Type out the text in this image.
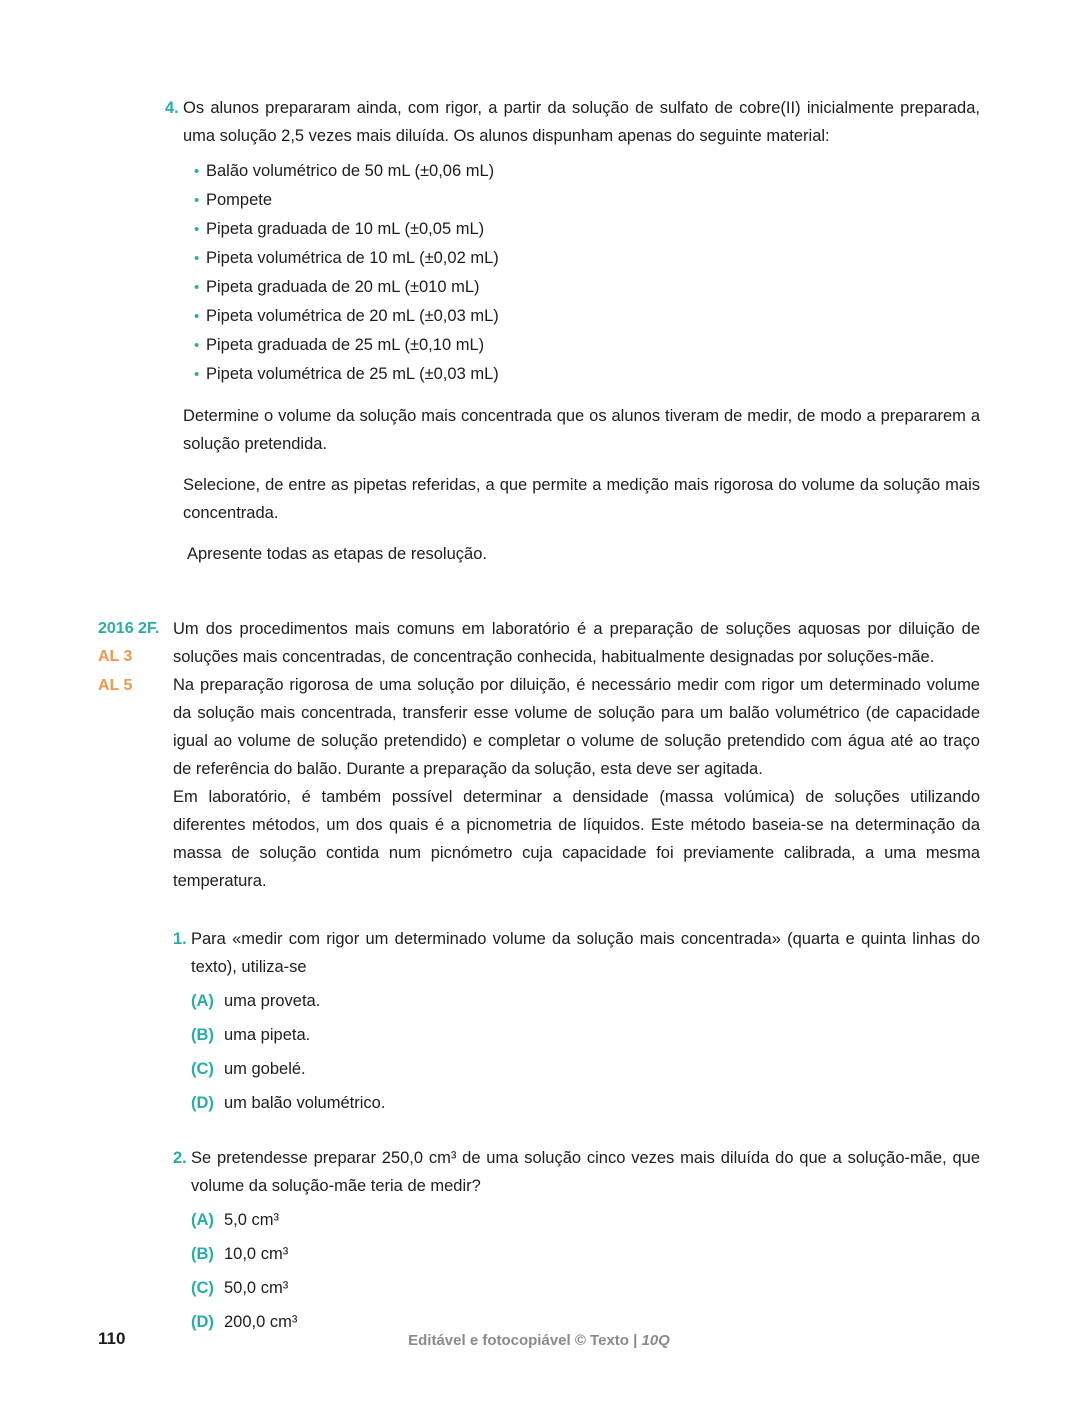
4. Os alunos prepararam ainda, com rigor, a partir da solução de sulfato de cobre(II) inicialmente preparada, uma solução 2,5 vezes mais diluída. Os alunos dispunham apenas do seguinte material:

• Balão volumétrico de 50 mL (±0,06 mL)
• Pompete
• Pipeta graduada de 10 mL (±0,05 mL)
• Pipeta volumétrica de 10 mL (±0,02 mL)
• Pipeta graduada de 20 mL (±010 mL)
• Pipeta volumétrica de 20 mL (±0,03 mL)
• Pipeta graduada de 25 mL (±0,10 mL)
• Pipeta volumétrica de 25 mL (±0,03 mL)

Determine o volume da solução mais concentrada que os alunos tiveram de medir, de modo a prepararem a solução pretendida.

Selecione, de entre as pipetas referidas, a que permite a medição mais rigorosa do volume da solução mais concentrada.

Apresente todas as etapas de resolução.

2016 2F.
AL 3
AL 5

Um dos procedimentos mais comuns em laboratório é a preparação de soluções aquosas por diluição de soluções mais concentradas, de concentração conhecida, habitualmente designadas por soluções-mãe.

Na preparação rigorosa de uma solução por diluição, é necessário medir com rigor um determinado volume da solução mais concentrada, transferir esse volume de solução para um balão volumétrico (de capacidade igual ao volume de solução pretendido) e completar o volume de solução pretendido com água até ao traço de referência do balão. Durante a preparação da solução, esta deve ser agitada.

Em laboratório, é também possível determinar a densidade (massa volúmica) de soluções utilizando diferentes métodos, um dos quais é a picnometria de líquidos. Este método baseia-se na determinação da massa de solução contida num picnómetro cuja capacidade foi previamente calibrada, a uma mesma temperatura.

1. Para «medir com rigor um determinado volume da solução mais concentrada» (quarta e quinta linhas do texto), utiliza-se

(A) uma proveta.
(B) uma pipeta.
(C) um gobelé.
(D) um balão volumétrico.
2. Se pretendesse preparar 250,0 cm³ de uma solução cinco vezes mais diluída do que a solução-mãe, que volume da solução-mãe teria de medir?

(A) 5,0 cm³
(B) 10,0 cm³
(C) 50,0 cm³
(D) 200,0 cm³
110	Editável e fotocopiável © Texto | 10Q
